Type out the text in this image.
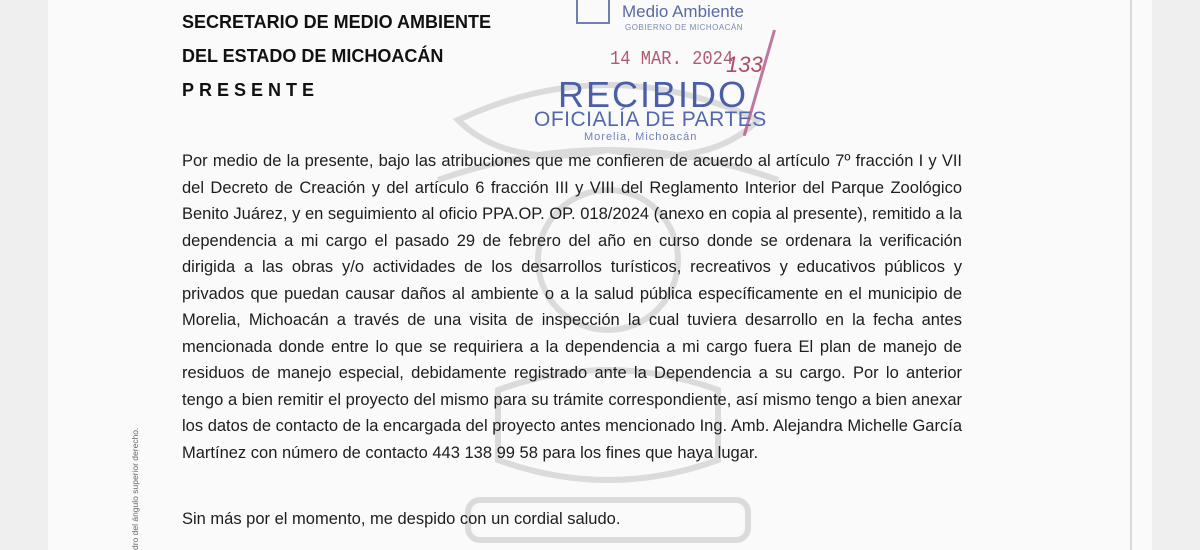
SECRETARIO DE MEDIO AMBIENTE
DEL ESTADO DE MICHOACÁN
PRESENTE
Medio Ambiente
GOBIERNO DE MICHOACÁN
14 MAR. 2024
133
RECIBIDO
OFICIALÍA DE PARTES
Morelia, Michoacán
Por medio de la presente, bajo las atribuciones que me confieren de acuerdo al artículo 7º fracción I y VII del Decreto de Creación y del artículo 6 fracción III y VIII del Reglamento Interior del Parque Zoológico Benito Juárez, y en seguimiento al oficio PPA.OP. OP. 018/2024 (anexo en copia al presente), remitido a la dependencia a mi cargo el pasado 29 de febrero del año en curso donde se ordenara la verificación dirigida a las obras y/o actividades de los desarrollos turísticos, recreativos y educativos públicos y privados que puedan causar daños al ambiente o a la salud pública específicamente en el municipio de Morelia, Michoacán a través de una visita de inspección la cual tuviera desarrollo en la fecha antes mencionada donde entre lo que se requiriera a la dependencia a mi cargo fuera El plan de manejo de residuos de manejo especial, debidamente registrado ante la Dependencia a su cargo. Por lo anterior tengo a bien remitir el proyecto del mismo para su trámite correspondiente, así mismo tengo a bien anexar los datos de contacto de la encargada del proyecto antes mencionado Ing. Amb. Alejandra Michelle García Martínez con número de contacto 443 138 99 58 para los fines que haya lugar.
Sin más por el momento, me despido con un cordial saludo.
dro del ángulo superior derecho.
